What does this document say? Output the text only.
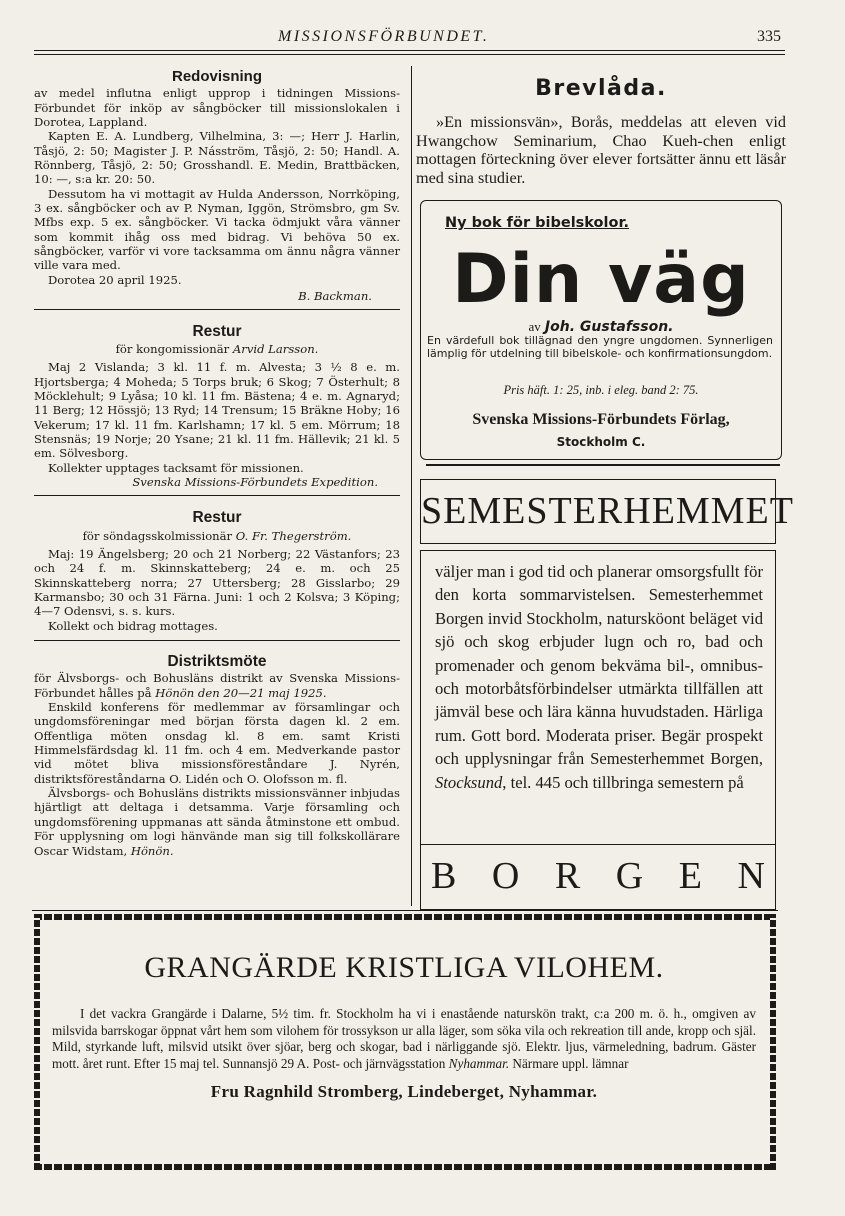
MISSIONSFÖRBUNDET.	335
Redovisning

av medel influtna enligt upprop i tidningen Missions-Förbundet för inköp av sångböcker till missionslokalen i Dorotea, Lappland.

Kapten E. A. Lundberg, Vilhelmina, 3: —; Herr J. Harlin, Tåsjö, 2: 50; Magister J. P. Násström, Tåsjö, 2: 50; Handl. A. Rönnberg, Tåsjö, 2: 50; Grosshandl. E. Medin, Brattbäcken, 10: —, s:a kr. 20: 50.

Dessutom ha vi mottagit av Hulda Andersson, Norrköping, 3 ex. sångböcker och av P. Nyman, Iggön, Strömsbro, gm Sv. Mfbs exp. 5 ex. sångböcker. Vi tacka ödmjukt våra vänner som kommit ihåg oss med bidrag. Vi behöva 50 ex. sångböcker, varför vi vore tacksamma om ännu några vänner ville vara med.

Dorotea 20 april 1925.

B. Backman.

Restur

för kongomissionär Arvid Larsson.

Maj 2 Vislanda; 3 kl. 11 f. m. Alvesta; 3 ½ 8 e. m. Hjortsberga; 4 Moheda; 5 Torps bruk; 6 Skog; 7 Österhult; 8 Möcklehult; 9 Lyåsa; 10 kl. 11 fm. Bästena; 4 e. m. Agnaryd; 11 Berg; 12 Hössjö; 13 Ryd; 14 Trensum; 15 Bräkne Hoby; 16 Vekerum; 17 kl. 11 fm. Karlshamn; 17 kl. 5 em. Mörrum; 18 Stensnäs; 19 Norje; 20 Ysane; 21 kl. 11 fm. Hällevik; 21 kl. 5 em. Sölvesborg.

Kollekter upptages tacksamt för missionen.

Svenska Missions-Förbundets Expedition.

Restur

för söndagsskolmissionär O. Fr. Thegerström.

Maj: 19 Ängelsberg; 20 och 21 Norberg; 22 Västanfors; 23 och 24 f. m. Skinnskatteberg; 24 e. m. och 25 Skinnskatteberg norra; 27 Uttersberg; 28 Gisslarbo; 29 Karmansbo; 30 och 31 Färna. Juni: 1 och 2 Kolsva; 3 Köping; 4—7 Odensvi, s. s. kurs.

Kollekt och bidrag mottages.

Distriktsmöte

för Älvsborgs- och Bohusläns distrikt av Svenska Missions-Förbundet hålles på Hönön den 20—21 maj 1925.

Enskild konferens för medlemmar av församlingar och ungdomsföreningar med början första dagen kl. 2 em. Offentliga möten onsdag kl. 8 em. samt Kristi Himmelsfärdsdag kl. 11 fm. och 4 em. Medverkande pastor vid mötet bliva missionsföreståndare J. Nyrén, distriktsföreståndarna O. Lidén och O. Olofsson m. fl.

Älvsborgs- och Bohusläns distrikts missionsvänner inbjudas hjärtligt att deltaga i detsamma. Varje församling och ungdomsförening uppmanas att sända åtminstone ett ombud. För upplysning om logi hänvände man sig till folkskollärare Oscar Widstam, Hönön.

Brevlåda.

»En missionsvän», Borås, meddelas att eleven vid Hwangchow Seminarium, Chao Kueh-chen enligt mottagen förteckning över elever fortsätter ännu ett läsår med sina studier.

Ny bok för bibelskolor.
Din väg
av Joh. Gustafsson.

En värdefull bok tillägnad den yngre ungdomen. Synnerligen lämplig för utdelning till bibelskole- och konfirmationsungdom.

Pris häft. 1: 25, inb. i eleg. band 2: 75.
Svenska Missions-Förbundets Förlag,
Stockholm C.
SEMESTERHEMMET

väljer man i god tid och planerar omsorgsfullt för den korta sommarvistelsen. Semesterhemmet Borgen invid Stockholm, natursköont beläget vid sjö och skog erbjuder lugn och ro, bad och promenader och genom bekväma bil-, omnibus- och motorbåtsförbindelser utmärkta tillfällen att jämväl bese och lära känna huvudstaden. Härliga rum. Gott bord. Moderata priser. Begär prospekt och upplysningar från Semesterhemmet Borgen, Stocksund, tel. 445 och tillbringa semestern på

B O R G E N
GRANGÄRDE KRISTLIGA VILOHEM.

I det vackra Grangärde i Dalarne, 5½ tim. fr. Stockholm ha vi i enastående naturskön trakt, c:a 200 m. ö. h., omgiven av milsvida barrskogar öppnat vårt hem som vilohem för trossykson ur alla läger, som söka vila och rekreation till ande, kropp och själ. Mild, styrkande luft, milsvid utsikt över sjöar, berg och skogar, bad i närliggande sjö. Elektr. ljus, värmeledning, badrum. Gäster mott. året runt. Efter 15 maj tel. Sunnansjö 29 A. Post- och järnvägsstation Nyhammar. Närmare uppl. lämnar

Fru Ragnhild Stromberg, Lindeberget, Nyhammar.
